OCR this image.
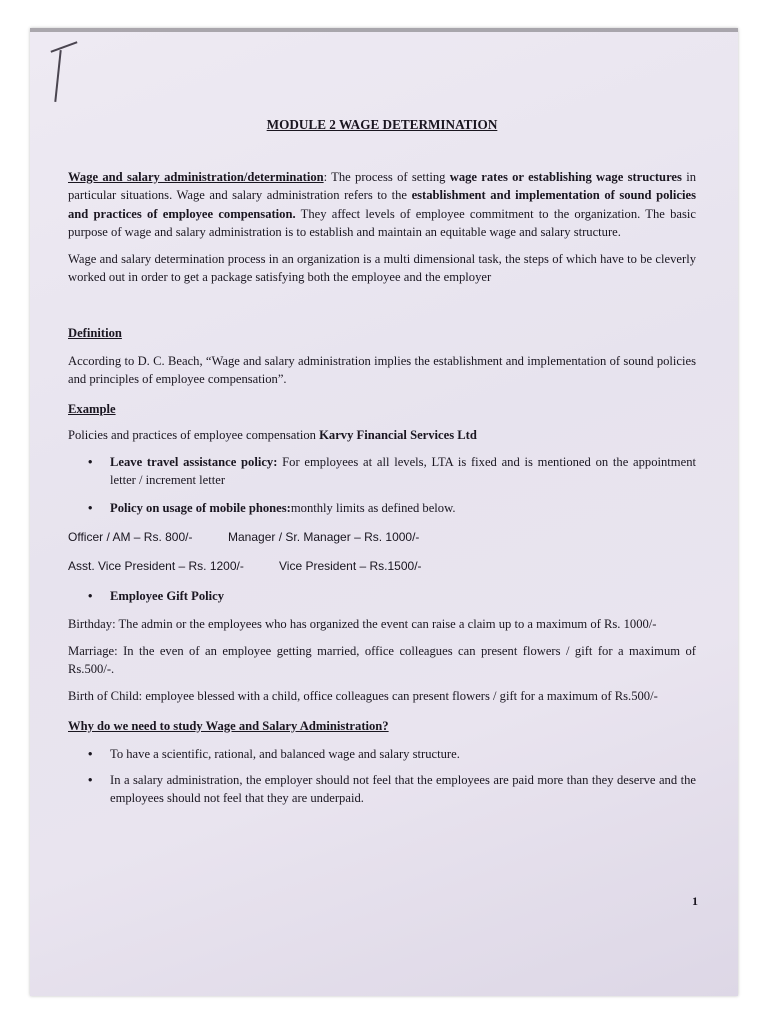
MODULE 2 WAGE DETERMINATION

Wage and salary administration/determination: The process of setting wage rates or establishing wage structures in particular situations. Wage and salary administration refers to the establishment and implementation of sound policies and practices of employee compensation. They affect levels of employee commitment to the organization. The basic purpose of wage and salary administration is to establish and maintain an equitable wage and salary structure.

Wage and salary determination process in an organization is a multi dimensional task, the steps of which have to be cleverly worked out in order to get a package satisfying both the employee and the employer

Definition

According to D. C. Beach, “Wage and salary administration implies the establishment and implementation of sound policies and principles of employee compensation”.

Example

Policies and practices of employee compensation Karvy Financial Services Ltd

• Leave travel assistance policy: For employees at all levels, LTA is fixed and is mentioned on the appointment letter / increment letter
• Policy on usage of mobile phones:monthly limits as defined below.
Officer / AM – Rs. 800/-	Manager / Sr. Manager – Rs. 1000/-
Asst. Vice President – Rs. 1200/-	Vice President – Rs.1500/-
• Employee Gift Policy

Birthday: The admin or the employees who has organized the event can raise a claim up to a maximum of Rs. 1000/-

Marriage: In the even of an employee getting married, office colleagues can present flowers / gift for a maximum of Rs.500/-.

Birth of Child: employee blessed with a child, office colleagues can present flowers / gift for a maximum of Rs.500/-

Why do we need to study Wage and Salary Administration?
• To have a scientific, rational, and balanced wage and salary structure.
• In a salary administration, the employer should not feel that the employees are paid more than they deserve and the employees should not feel that they are underpaid.
1
